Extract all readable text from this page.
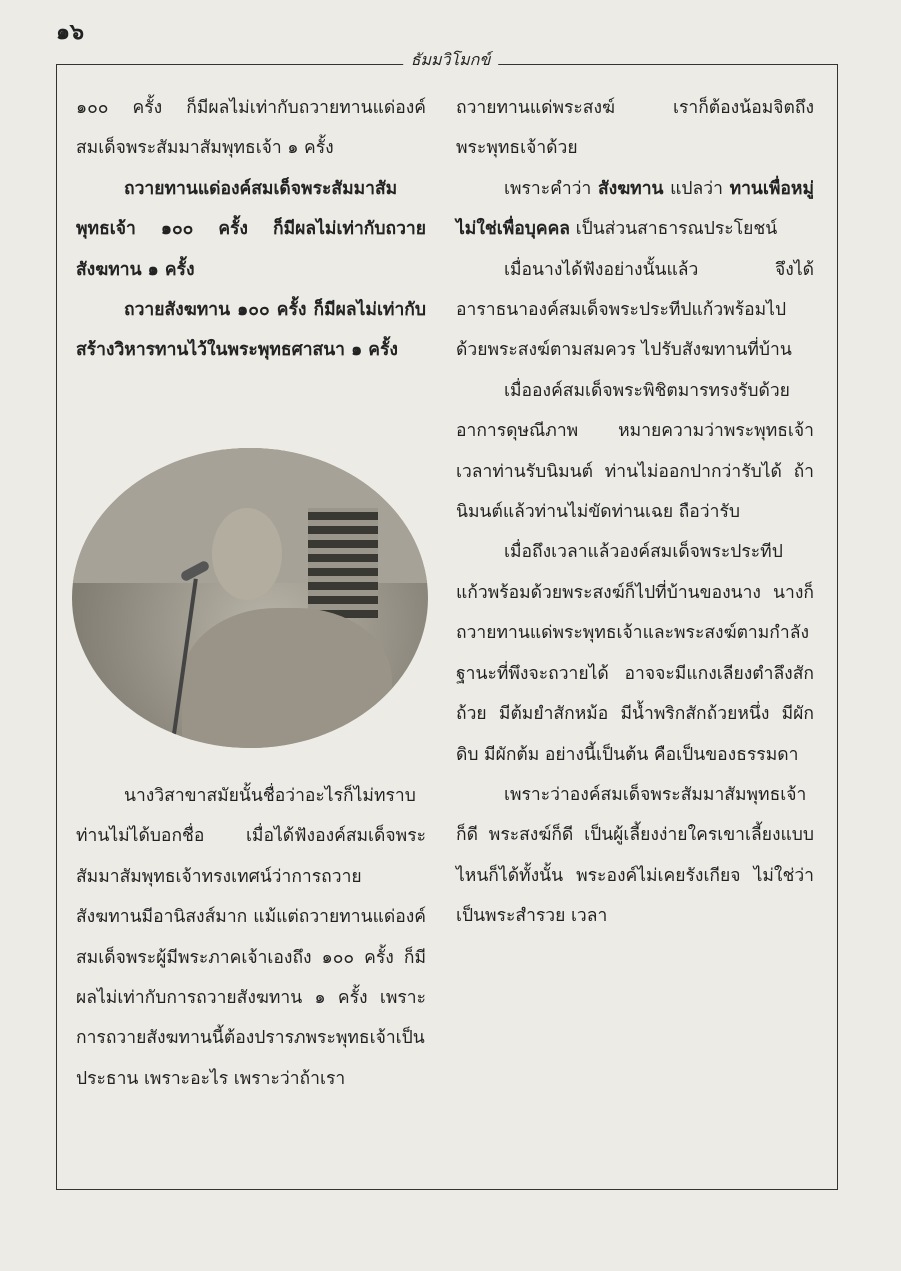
๑๖
ธัมมวิโมกข์

๑๐๐ ครั้ง ก็มีผลไม่เท่ากับถวายทานแด่องค์สมเด็จพระสัมมาสัมพุทธเจ้า ๑ ครั้ง

ถวายทานแด่องค์สมเด็จพระสัมมาสัมพุทธเจ้า ๑๐๐ ครั้ง ก็มีผลไม่เท่ากับถวายสังฆทาน ๑ ครั้ง

ถวายสังฆทาน ๑๐๐ ครั้ง ก็มีผลไม่เท่ากับสร้างวิหารทานไว้ในพระพุทธศาสนา ๑ ครั้ง

นางวิสาขาสมัยนั้นชื่อว่าอะไรก็ไม่ทราบ ท่านไม่ได้บอกชื่อ เมื่อได้ฟังองค์สมเด็จพระสัมมาสัมพุทธเจ้าทรงเทศน์ว่าการถวายสังฆทานมีอานิสงส์มาก แม้แต่ถวายทานแด่องค์สมเด็จพระผู้มีพระภาคเจ้าเองถึง ๑๐๐ ครั้ง ก็มีผลไม่เท่ากับการถวายสังฆทาน ๑ ครั้ง เพราะการถวายสังฆทานนี้ต้องปรารภพระพุทธเจ้าเป็นประธาน เพราะอะไร เพราะว่าถ้าเรา

ถวายทานแด่พระสงฆ์ เราก็ต้องน้อมจิตถึงพระพุทธเจ้าด้วย

เพราะคำว่า สังฆทาน แปลว่า ทานเพื่อหมู่ ไม่ใช่เพื่อบุคคล เป็นส่วนสาธารณประโยชน์

เมื่อนางได้ฟังอย่างนั้นแล้ว จึงได้อาราธนาองค์สมเด็จพระประทีปแก้วพร้อมไปด้วยพระสงฆ์ตามสมควร ไปรับสังฆทานที่บ้าน

เมื่อองค์สมเด็จพระพิชิตมารทรงรับด้วยอาการดุษณีภาพ หมายความว่าพระพุทธเจ้าเวลาท่านรับนิมนต์ ท่านไม่ออกปากว่ารับได้ ถ้านิมนต์แล้วท่านไม่ขัดท่านเฉย ถือว่ารับ

เมื่อถึงเวลาแล้วองค์สมเด็จพระประทีปแก้วพร้อมด้วยพระสงฆ์ก็ไปที่บ้านของนาง นางก็ถวายทานแด่พระพุทธเจ้าและพระสงฆ์ตามกำลังฐานะที่พึงจะถวายได้ อาจจะมีแกงเลียงตำลึงสักถ้วย มีต้มยำสักหม้อ มีน้ำพริกสักถ้วยหนึ่ง มีผักดิบ มีผักต้ม อย่างนี้เป็นต้น คือเป็นของธรรมดา

เพราะว่าองค์สมเด็จพระสัมมาสัมพุทธเจ้าก็ดี พระสงฆ์ก็ดี เป็นผู้เลี้ยงง่ายใครเขาเลี้ยงแบบไหนก็ได้ทั้งนั้น พระองค์ไม่เคยรังเกียจ ไม่ใช่ว่าเป็นพระสำรวย เวลา
